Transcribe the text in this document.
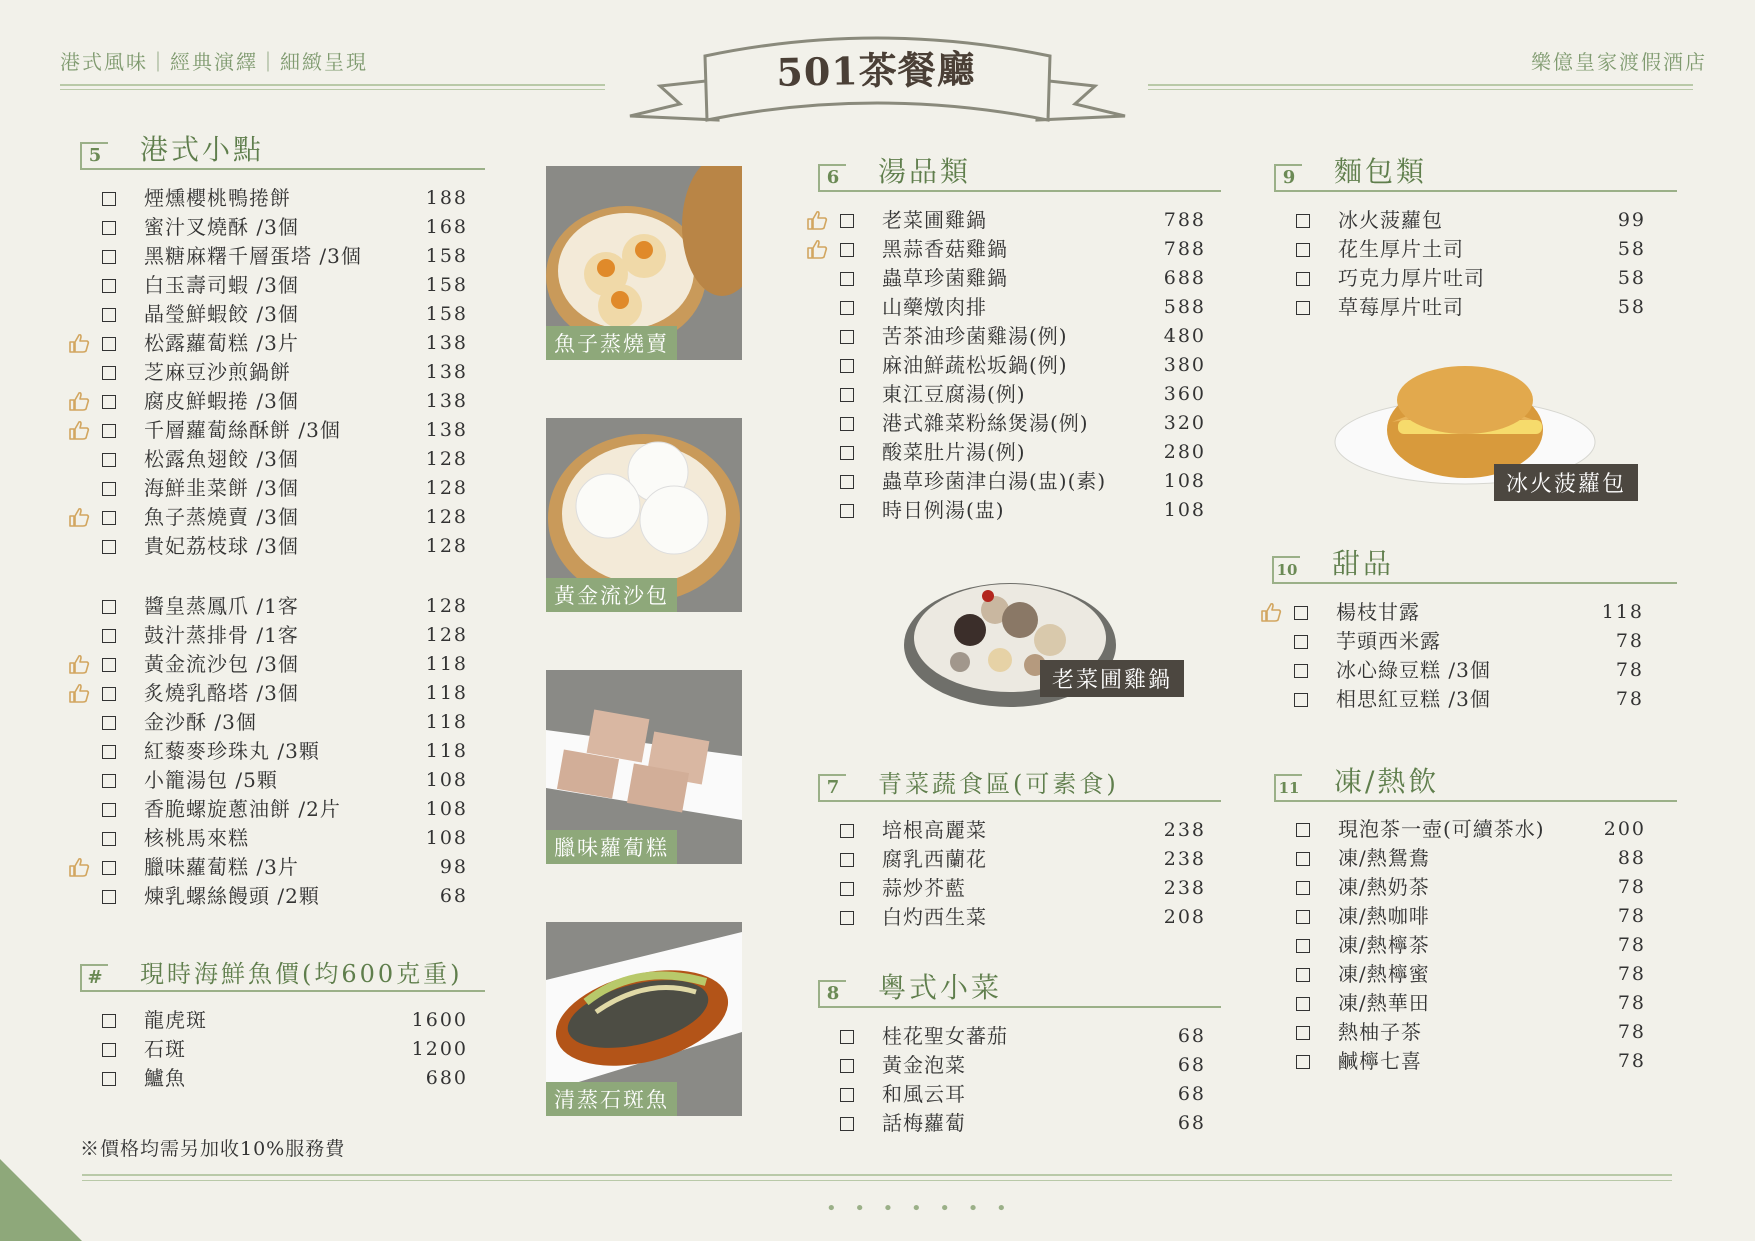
港式風味｜經典演繹｜細緻呈現	樂億皇家渡假酒店
501茶餐廳
5 港式小點
煙燻櫻桃鴨捲餅	188
蜜汁叉燒酥 /3個	168
黑糖麻糬千層蛋塔 /3個	158
白玉壽司蝦 /3個	158
晶瑩鮮蝦餃 /3個	158
松露蘿蔔糕 /3片	138
芝麻豆沙煎鍋餅	138
腐皮鮮蝦捲 /3個	138
千層蘿蔔絲酥餅 /3個	138
松露魚翅餃 /3個	128
海鮮韭菜餅 /3個	128
魚子蒸燒賣 /3個	128
貴妃荔枝球 /3個	128
醬皇蒸鳳爪 /1客	128
鼓汁蒸排骨 /1客	128
黃金流沙包 /3個	118
炙燒乳酪塔 /3個	118
金沙酥 /3個	118
紅藜麥珍珠丸 /3顆	118
小籠湯包 /5顆	108
香脆螺旋蔥油餅 /2片	108
核桃馬來糕	108
臘味蘿蔔糕 /3片	98
煉乳螺絲饅頭 /2顆	68
# 現時海鮮魚價(均600克重)
龍虎斑	1600
石斑	1200
鱸魚	680
魚子蒸燒賣
黃金流沙包
臘味蘿蔔糕
清蒸石斑魚
6 湯品類
老菜圃雞鍋	788
黑蒜香菇雞鍋	788
蟲草珍菌雞鍋	688
山藥燉肉排	588
苦茶油珍菌雞湯(例)	480
麻油鮮蔬松坂鍋(例)	380
東江豆腐湯(例)	360
港式雜菜粉絲煲湯(例)	320
酸菜肚片湯(例)	280
蟲草珍菌津白湯(盅)(素)	108
時日例湯(盅)	108
老菜圃雞鍋
7 青菜蔬食區(可素食)
培根高麗菜	238
腐乳西蘭花	238
蒜炒芥藍	238
白灼西生菜	208
8 粵式小菜
桂花聖女蕃茄	68
黃金泡菜	68
和風云耳	68
話梅蘿蔔	68
9 麵包類
冰火菠蘿包	99
花生厚片土司	58
巧克力厚片吐司	58
草莓厚片吐司	58
冰火菠蘿包
10 甜品
楊枝甘露	118
芋頭西米露	78
冰心綠豆糕 /3個	78
相思紅豆糕 /3個	78
11 凍/熱飲
現泡茶一壺(可續茶水)	200
凍/熱鴛鴦	88
凍/熱奶茶	78
凍/熱咖啡	78
凍/熱檸茶	78
凍/熱檸蜜	78
凍/熱華田	78
熱柚子茶	78
鹹檸七喜	78
※價格均需另加收10%服務費
• • • • • • •
